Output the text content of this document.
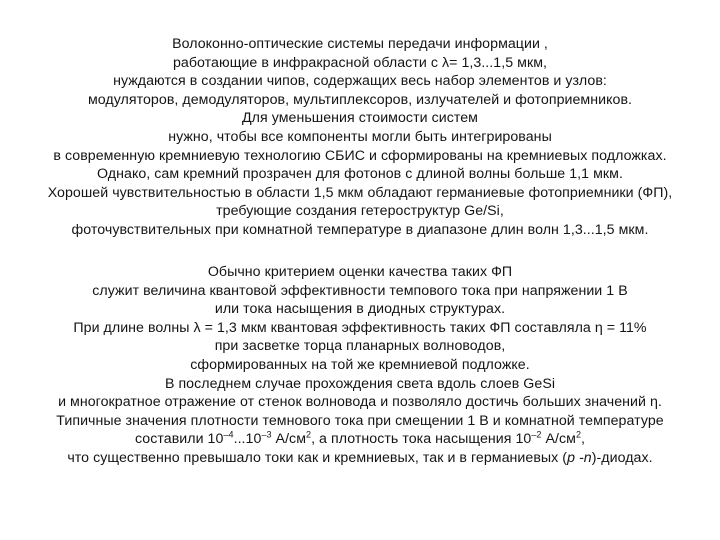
Волоконно-оптические системы передачи информации ,
работающие в инфракрасной области с λ= 1,3...1,5 мкм,
нуждаются в создании чипов, содержащих весь набор элементов и узлов:
модуляторов, демодуляторов, мультиплексоров, излучателей и фотоприемников.
Для уменьшения стоимости систем
нужно, чтобы все компоненты могли быть интегрированы
в современную кремниевую технологию СБИС и сформированы на кремниевых подложках.
Однако, сам кремний прозрачен для фотонов с длиной волны больше 1,1 мкм.
Хорошей чувствительностью в области 1,5 мкм обладают германиевые фотоприемники (ФП),
требующие создания гетероструктур Ge/Si,
фоточувствительных при комнатной температуре в диапазоне длин волн 1,3...1,5 мкм.
Обычно критерием оценки качества таких ФП
служит величина квантовой эффективности темпового тока при напряжении 1 В
или тока насыщения в диодных структурах.
При длине волны λ = 1,3 мкм квантовая эффективность таких ФП составляла η = 11%
при засветке торца планарных волноводов,
сформированных на той же кремниевой подложке.
В последнем случае прохождения света вдоль слоев GeSi
и многократное отражение от стенок волновода и позволяло достичь больших значений η.
Типичные значения плотности темнового тока при смещении 1 В и комнатной температуре
составили $10^{-4}...10^{-3}$ $А/см^2$, а плотность тока насыщения $10^{-2}$ $А/см^2$,
что существенно превышало токи как и кремниевых, так и в германиевых (p -n)-диодах.
